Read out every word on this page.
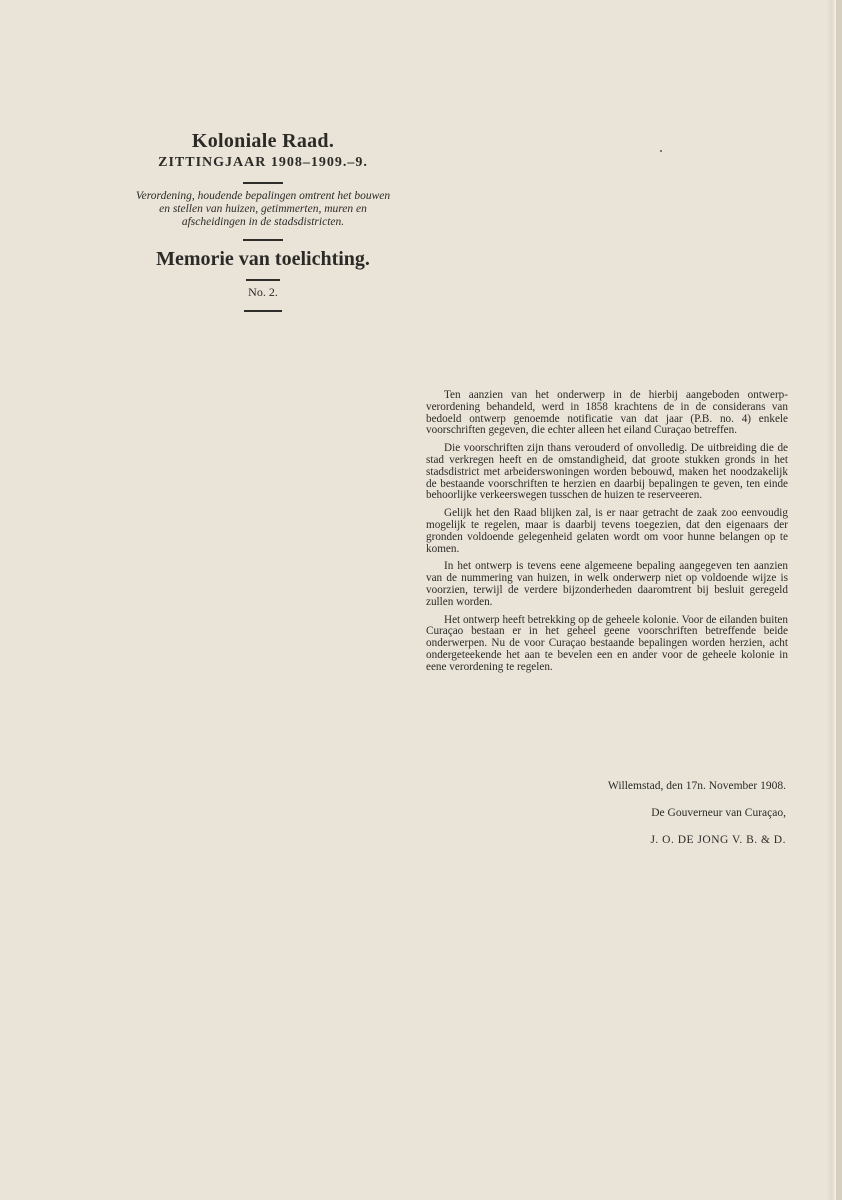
Koloniale Raad.
ZITTINGJAAR 1908–1909.–9.

Verordening, houdende bepalingen omtrent het bouwen en stellen van huizen, getimmerten, muren en afscheidingen in de stadsdistricten.

Memorie van toelichting.
No. 2.

Ten aanzien van het onderwerp in de hierbij aangeboden ontwerp-verordening behandeld, werd in 1858 krachtens de in de considerans van bedoeld ontwerp genoemde notificatie van dat jaar (P.B. no. 4) enkele voorschriften gegeven, die echter alleen het eiland Curaçao betreffen.

Die voorschriften zijn thans verouderd of onvolledig. De uitbreiding die de stad verkregen heeft en de omstandigheid, dat groote stukken gronds in het stadsdistrict met arbeiderswoningen worden bebouwd, maken het noodzakelijk de bestaande voorschriften te herzien en daarbij bepalingen te geven, ten einde behoorlijke verkeerswegen tusschen de huizen te reserveeren.

Gelijk het den Raad blijken zal, is er naar getracht de zaak zoo eenvoudig mogelijk te regelen, maar is daarbij tevens toegezien, dat den eigenaars der gronden voldoende gelegenheid gelaten wordt om voor hunne belangen op te komen.

In het ontwerp is tevens eene algemeene bepaling aangegeven ten aanzien van de nummering van huizen, in welk onderwerp niet op voldoende wijze is voorzien, terwijl de verdere bijzonderheden daaromtrent bij besluit geregeld zullen worden.

Het ontwerp heeft betrekking op de geheele kolonie. Voor de eilanden buiten Curaçao bestaan er in het geheel geene voorschriften betreffende beide onderwerpen. Nu de voor Curaçao bestaande bepalingen worden herzien, acht ondergeteekende het aan te bevelen een en ander voor de geheele kolonie in eene verordening te regelen.

Willemstad, den 17n. November 1908.
De Gouverneur van Curaçao,
J. O. DE JONG V. B. & D.
